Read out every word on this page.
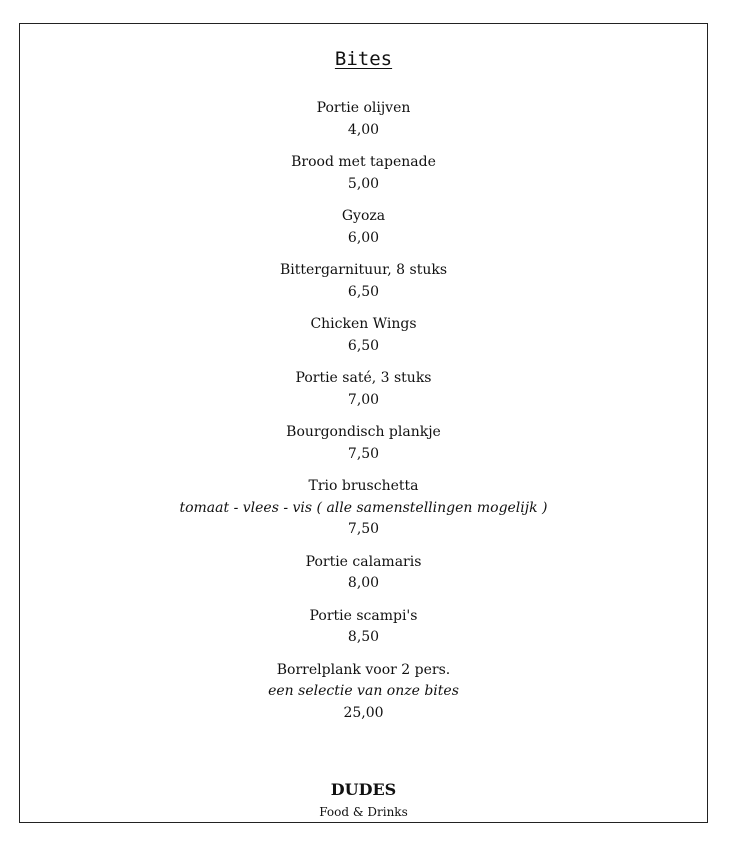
Bites
Portie olijven
4,00
Brood met tapenade
5,00
Gyoza
6,00
Bittergarnituur, 8 stuks
6,50
Chicken Wings
6,50
Portie saté, 3 stuks
7,00
Bourgondisch plankje
7,50
Trio bruschetta
tomaat - vlees - vis ( alle samenstellingen mogelijk )
7,50
Portie calamaris
8,00
Portie scampi's
8,50
Borrelplank voor 2 pers.
een selectie van onze bites
25,00
DUDES
Food & Drinks
